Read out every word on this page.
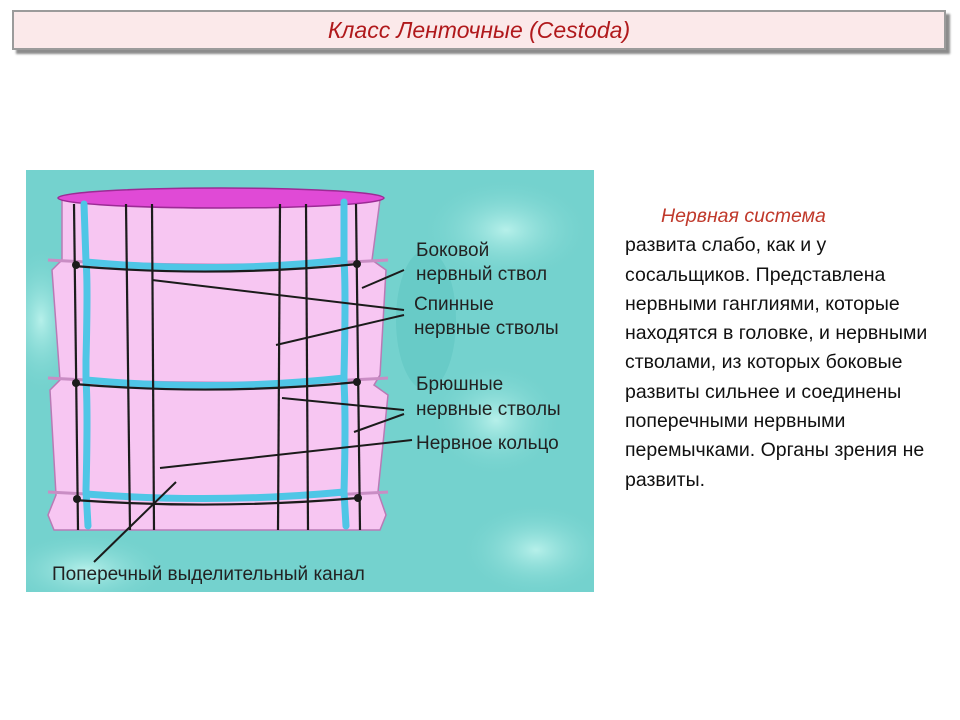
Класс Ленточные (Cestoda)
Боковой
нервный ствол
Спинные
нервные стволы
Брюшные
нервные стволы
Нервное кольцо
Поперечный выделительный канал
Нервная система
развита слабо, как и у сосальщиков. Представлена нервными ганглиями, которые находятся в головке, и нервными стволами, из которых боковые развиты сильнее и соединены поперечными нервными перемычками. Органы зрения не развиты.
